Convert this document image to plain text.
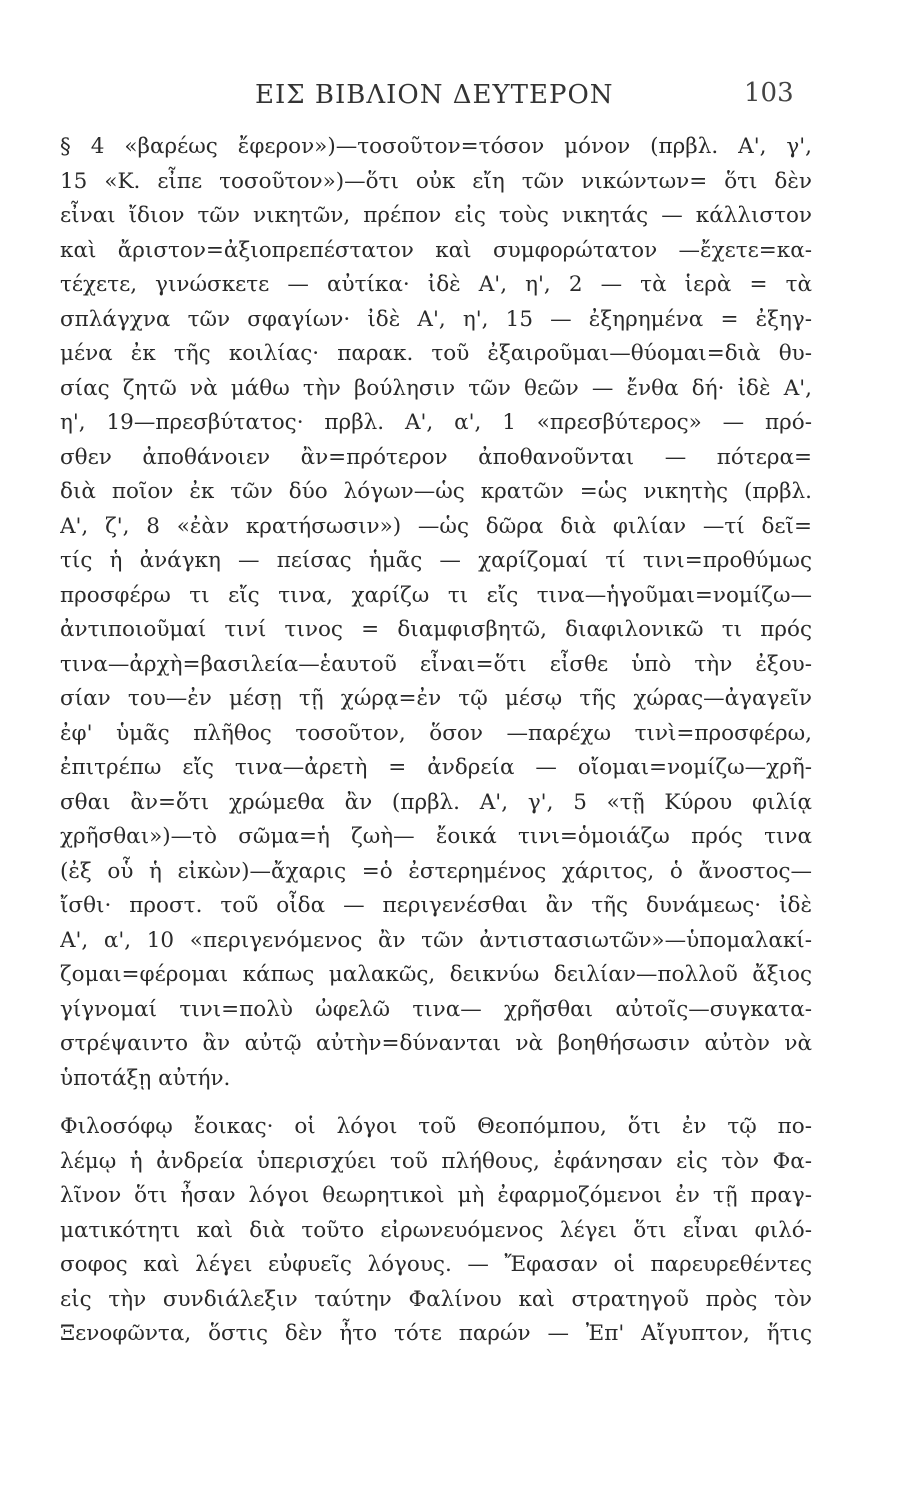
ΕΙΣ ΒΙΒΛΙΟΝ ΔΕΥΤΕΡΟΝ	103
§ 4 «βαρέως ἔφερον»)—τοσοῦτον=τόσον μόνον (πρβλ. Α', γ',
15 «Κ. εἶπε τοσοῦτον»)—ὅτι οὐκ εἴη τῶν νικώντων= ὅτι δὲν
εἶναι ἴδιον τῶν νικητῶν, πρέπον εἰς τοὺς νικητάς — κάλλιστον
καὶ ἄριστον=ἀξιοπρεπέστατον καὶ συμφορώτατον —ἔχετε=κα-
τέχετε, γινώσκετε — αὐτίκα· ἰδὲ Α', η', 2 — τὰ ἱερὰ = τὰ
σπλάγχνα τῶν σφαγίων· ἰδὲ Α', η', 15 — ἐξηρημένα = ἐξηγ-
μένα ἐκ τῆς κοιλίας· παρακ. τοῦ ἐξαιροῦμαι—θύομαι=διὰ θυ-
σίας ζητῶ νὰ μάθω τὴν βούλησιν τῶν θεῶν — ἔνθα δή· ἰδὲ Α',
η', 19—πρεσβύτατος· πρβλ. Α', α', 1 «πρεσβύτερος» — πρό-
σθεν ἀποθάνοιεν ἂν=πρότερον ἀποθανοῦνται — πότερα=
διὰ ποῖον ἐκ τῶν δύο λόγων—ὡς κρατῶν =ὡς νικητὴς (πρβλ.
Α', ζ', 8 «ἐὰν κρατήσωσιν») —ὡς δῶρα διὰ φιλίαν —τί δεῖ=
τίς ἡ ἀνάγκη — πείσας ἡμᾶς — χαρίζομαί τί τινι=προθύμως
προσφέρω τι εἴς τινα, χαρίζω τι εἴς τινα—ἡγοῦμαι=νομίζω—
ἀντιποιοῦμαί τινί τινος = διαμφισβητῶ, διαφιλονικῶ τι πρός
τινα—ἀρχὴ=βασιλεία—ἑαυτοῦ εἶναι=ὅτι εἶσθε ὑπὸ τὴν ἐξου-
σίαν του—ἐν μέσῃ τῇ χώρᾳ=ἐν τῷ μέσῳ τῆς χώρας—ἀγαγεῖν
ἐφ' ὑμᾶς πλῆθος τοσοῦτον, ὅσον —παρέχω τινὶ=προσφέρω,
ἐπιτρέπω εἴς τινα—ἀρετὴ = ἀνδρεία — οἴομαι=νομίζω—χρῆ-
σθαι ἂν=ὅτι χρώμεθα ἂν (πρβλ. Α', γ', 5 «τῇ Κύρου φιλίᾳ
χρῆσθαι»)—τὸ σῶμα=ἡ ζωὴ— ἔοικά τινι=ὁμοιάζω πρός τινα
(ἐξ οὗ ἡ εἰκὼν)—ἄχαρις =ὁ ἐστερημένος χάριτος, ὁ ἄνοστος—
ἴσθι· προστ. τοῦ οἶδα — περιγενέσθαι ἂν τῆς δυνάμεως· ἰδὲ
Α', α', 10 «περιγενόμενος ἂν τῶν ἀντιστασιωτῶν»—ὑπομαλακί-
ζομαι=φέρομαι κάπως μαλακῶς, δεικνύω δειλίαν—πολλοῦ ἄξιος
γίγνομαί τινι=πολὺ ὠφελῶ τινα— χρῆσθαι αὐτοῖς—συγκατα-
στρέψαιντο ἂν αὐτῷ αὐτὴν=δύνανται νὰ βοηθήσωσιν αὐτὸν νὰ
ὑποτάξῃ αὐτήν.
Φιλοσόφῳ ἔοικας· οἱ λόγοι τοῦ Θεοπόμπου, ὅτι ἐν τῷ πο-
λέμῳ ἡ ἀνδρεία ὑπερισχύει τοῦ πλήθους, ἐφάνησαν εἰς τὸν Φα-
λῖνον ὅτι ἦσαν λόγοι θεωρητικοὶ μὴ ἐφαρμοζόμενοι ἐν τῇ πραγ-
ματικότητι καὶ διὰ τοῦτο εἰρωνευόμενος λέγει ὅτι εἶναι φιλό-
σοφος καὶ λέγει εὐφυεῖς λόγους. — Ἔφασαν οἱ παρευρεθέντες
εἰς τὴν συνδιάλεξιν ταύτην Φαλίνου καὶ στρατηγοῦ πρὸς τὸν
Ξενοφῶντα, ὅστις δὲν ἦτο τότε παρών — Ἐπ' Αἴγυπτον, ἥτις
